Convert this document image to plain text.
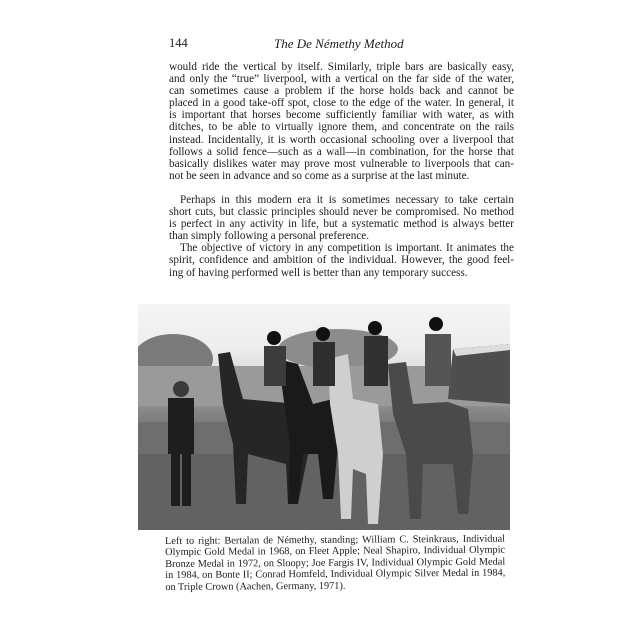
144	The De Némethy Method

would ride the vertical by itself. Similarly, triple bars are basically easy,
and only the “true” liverpool, with a vertical on the far side of the water,
can sometimes cause a problem if the horse holds back and cannot be
placed in a good take-off spot, close to the edge of the water. In general, it
is important that horses become sufficiently familiar with water, as with
ditches, to be able to virtually ignore them, and concentrate on the rails
instead. Incidentally, it is worth occasional schooling over a liverpool that
follows a solid fence—such as a wall—in combination, for the horse that
basically dislikes water may prove most vulnerable to liverpools that can-
not be seen in advance and so come as a surprise at the last minute.

Perhaps in this modern era it is sometimes necessary to take certain
short cuts, but classic principles should never be compromised. No method
is perfect in any activity in life, but a systematic method is always better
than simply following a personal preference.

The objective of victory in any competition is important. It animates the
spirit, confidence and ambition of the individual. However, the good feel-
ing of having performed well is better than any temporary success.

Left to right: Bertalan de Némethy, standing; William C. Steinkraus, Individual
Olympic Gold Medal in 1968, on Fleet Apple; Neal Shapiro, Individual Olympic
Bronze Medal in 1972, on Sloopy; Joe Fargis IV, Individual Olympic Gold Medal
in 1984, on Bonte II; Conrad Homfeld, Individual Olympic Silver Medal in 1984,
on Triple Crown (Aachen, Germany, 1971).
